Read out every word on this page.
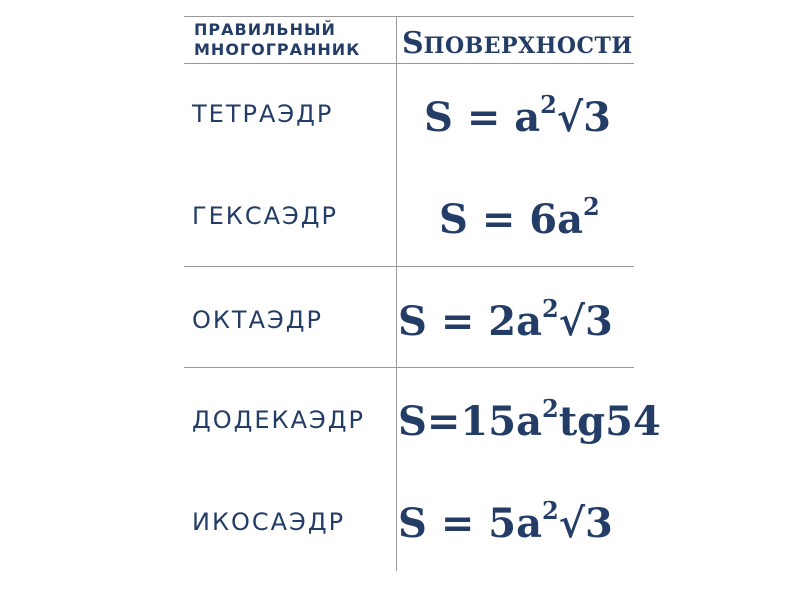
ПРАВИЛЬНЫЙ
МНОГОГРАННИК SПОВЕРХНОСТИ
ТЕТРАЭДР $S = a^2√3$
ГЕКСАЭДР	$S = 6a^2$
ОКТАЭДР $S = 2a^2√3$
ДОДЕКАЭДР $S=15a^2tg54$
ИКОСАЭДР $S = 5a^2√3$
